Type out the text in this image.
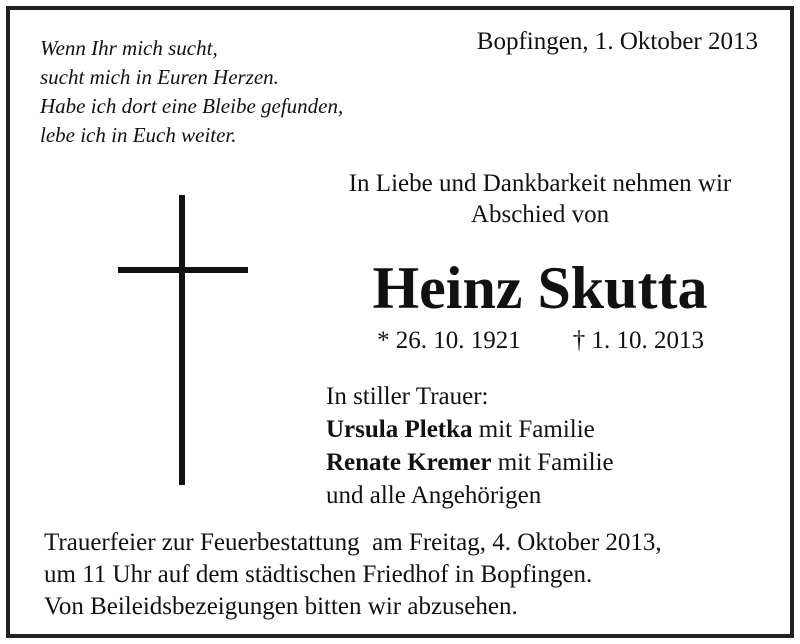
Wenn Ihr mich sucht,
sucht mich in Euren Herzen.
Habe ich dort eine Bleibe gefunden,
lebe ich in Euch weiter.
Bopfingen, 1. Oktober 2013
In Liebe und Dankbarkeit nehmen wir
Abschied von
Heinz Skutta
* 26. 10. 1921 † 1. 10. 2013
In stiller Trauer:
Ursula Pletka mit Familie
Renate Kremer mit Familie
und alle Angehörigen
Trauerfeier zur Feuerbestattung  am Freitag, 4. Oktober 2013,
um 11 Uhr auf dem städtischen Friedhof in Bopfingen.
Von Beileidsbezeigungen bitten wir abzusehen.
